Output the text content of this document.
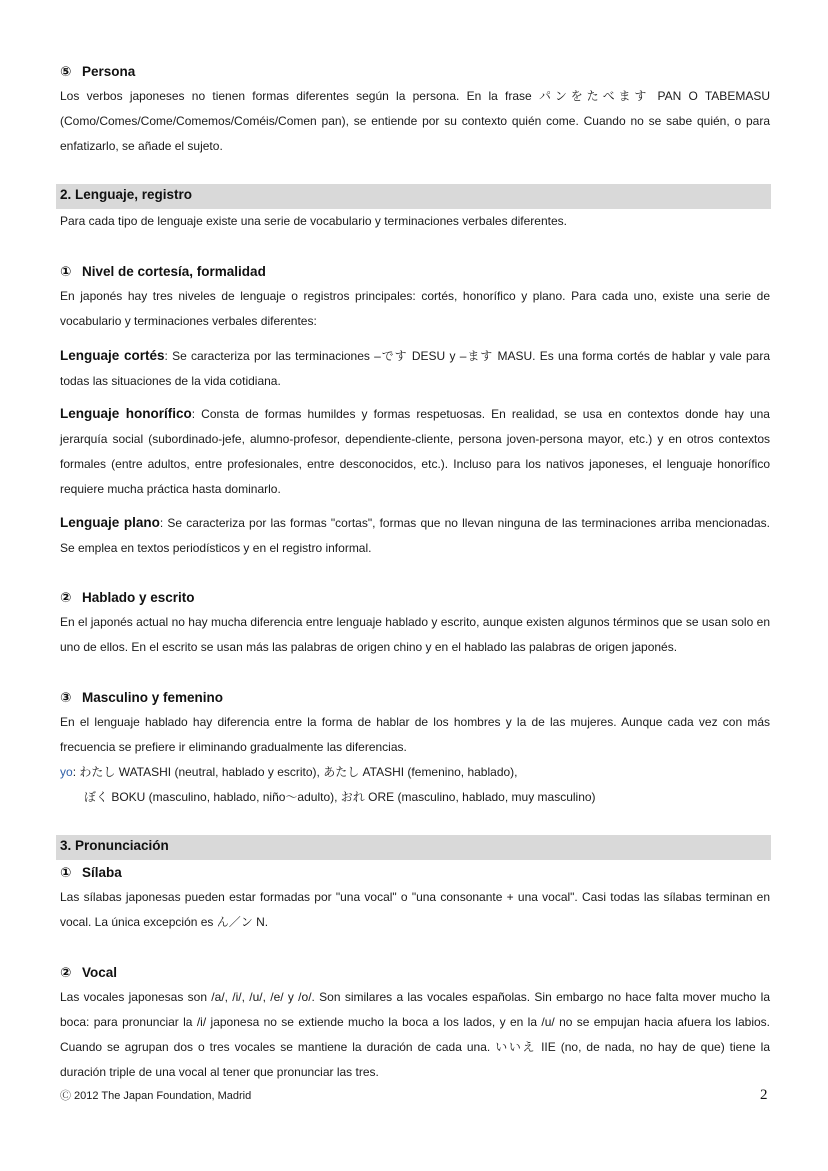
⑤ Persona
Los verbos japoneses no tienen formas diferentes según la persona. En la frase パンをたべます PAN O TABEMASU (Como/Comes/Come/Comemos/Coméis/Comen pan), se entiende por su contexto quién come. Cuando no se sabe quién, o para enfatizarlo, se añade el sujeto.
2. Lenguaje, registro
Para cada tipo de lenguaje existe una serie de vocabulario y terminaciones verbales diferentes.
① Nivel de cortesía, formalidad
En japonés hay tres niveles de lenguaje o registros principales: cortés, honorífico y plano. Para cada uno, existe una serie de vocabulario y terminaciones verbales diferentes:
Lenguaje cortés: Se caracteriza por las terminaciones –です DESU y –ます MASU. Es una forma cortés de hablar y vale para todas las situaciones de la vida cotidiana.
Lenguaje honorífico: Consta de formas humildes y formas respetuosas. En realidad, se usa en contextos donde hay una jerarquía social (subordinado-jefe, alumno-profesor, dependiente-cliente, persona joven-persona mayor, etc.) y en otros contextos formales (entre adultos, entre profesionales, entre desconocidos, etc.). Incluso para los nativos japoneses, el lenguaje honorífico requiere mucha práctica hasta dominarlo.
Lenguaje plano: Se caracteriza por las formas "cortas", formas que no llevan ninguna de las terminaciones arriba mencionadas. Se emplea en textos periodísticos y en el registro informal.
② Hablado y escrito
En el japonés actual no hay mucha diferencia entre lenguaje hablado y escrito, aunque existen algunos términos que se usan solo en uno de ellos. En el escrito se usan más las palabras de origen chino y en el hablado las palabras de origen japonés.
③ Masculino y femenino
En el lenguaje hablado hay diferencia entre la forma de hablar de los hombres y la de las mujeres. Aunque cada vez con más frecuencia se prefiere ir eliminando gradualmente las diferencias.
yo: わたし WATASHI (neutral, hablado y escrito), あたし ATASHI (femenino, hablado),
ぼく BOKU (masculino, hablado, niño～adulto), おれ ORE (masculino, hablado, muy masculino)
3. Pronunciación
① Sílaba
Las sílabas japonesas pueden estar formadas por "una vocal" o "una consonante + una vocal". Casi todas las sílabas terminan en vocal. La única excepción es ん／ン N.
② Vocal
Las vocales japonesas son /a/, /i/, /u/, /e/ y /o/. Son similares a las vocales españolas. Sin embargo no hace falta mover mucho la boca: para pronunciar la /i/ japonesa no se extiende mucho la boca a los lados, y en la /u/ no se empujan hacia afuera los labios. Cuando se agrupan dos o tres vocales se mantiene la duración de cada una. いいえ IIE (no, de nada, no hay de que) tiene la duración triple de una vocal al tener que pronunciar las tres.
Ⓒ 2012 The Japan Foundation, Madrid	2
